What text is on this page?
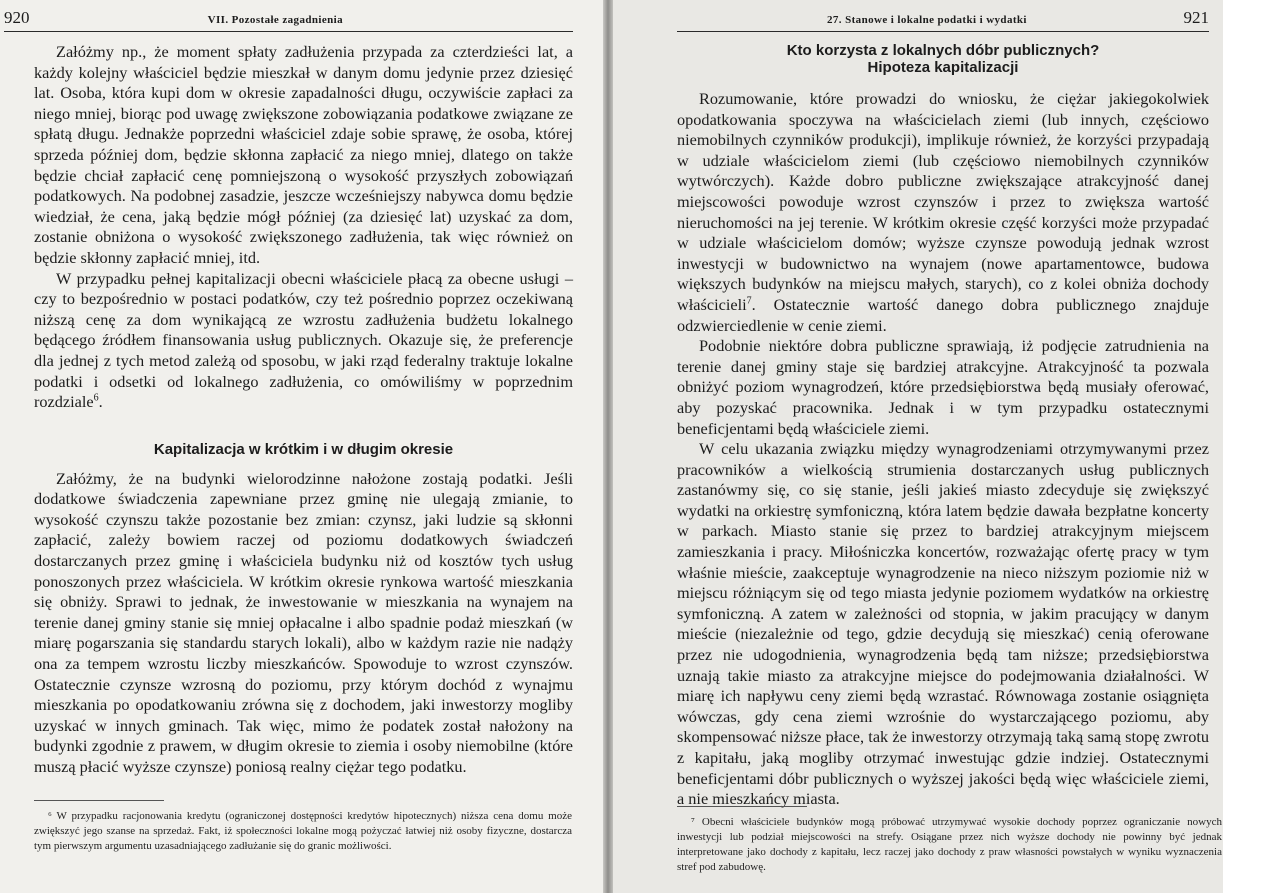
920	VII. Pozostałe zagadnienia

Załóżmy np., że moment spłaty zadłużenia przypada za czterdzieści lat, a każdy kolejny właściciel będzie mieszkał w danym domu jedynie przez dziesięć lat. Osoba, która kupi dom w okresie zapadalności długu, oczywiście zapłaci za niego mniej, biorąc pod uwagę zwiększone zobowiązania podatkowe związane ze spłatą długu. Jednakże poprzedni właściciel zdaje sobie sprawę, że osoba, której sprzeda później dom, będzie skłonna zapłacić za niego mniej, dlatego on także będzie chciał zapłacić cenę pomniejszoną o wysokość przyszłych zobowiązań podatkowych. Na podobnej zasadzie, jeszcze wcześniejszy nabywca domu będzie wiedział, że cena, jaką będzie mógł później (za dziesięć lat) uzyskać za dom, zostanie obniżona o wysokość zwiększonego zadłużenia, tak więc również on będzie skłonny zapłacić mniej, itd.

W przypadku pełnej kapitalizacji obecni właściciele płacą za obecne usługi – czy to bezpośrednio w postaci podatków, czy też pośrednio poprzez oczekiwaną niższą cenę za dom wynikającą ze wzrostu zadłużenia budżetu lokalnego będącego źródłem finansowania usług publicznych. Okazuje się, że preferencje dla jednej z tych metod zależą od sposobu, w jaki rząd federalny traktuje lokalne podatki i odsetki od lokalnego zadłużenia, co omówiliśmy w poprzednim rozdziale$^6$.

Kapitalizacja w krótkim i w długim okresie

Załóżmy, że na budynki wielorodzinne nałożone zostają podatki. Jeśli dodatkowe świadczenia zapewniane przez gminę nie ulegają zmianie, to wysokość czynszu także pozostanie bez zmian: czynsz, jaki ludzie są skłonni zapłacić, zależy bowiem raczej od poziomu dodatkowych świadczeń dostarczanych przez gminę i właściciela budynku niż od kosztów tych usług ponoszonych przez właściciela. W krótkim okresie rynkowa wartość mieszkania się obniży. Sprawi to jednak, że inwestowanie w mieszkania na wynajem na terenie danej gminy stanie się mniej opłacalne i albo spadnie podaż mieszkań (w miarę pogarszania się standardu starych lokali), albo w każdym razie nie nadąży ona za tempem wzrostu liczby mieszkańców. Spowoduje to wzrost czynszów. Ostatecznie czynsze wzrosną do poziomu, przy którym dochód z wynajmu mieszkania po opodatkowaniu zrówna się z dochodem, jaki inwestorzy mogliby uzyskać w innych gminach. Tak więc, mimo że podatek został nałożony na budynki zgodnie z prawem, w długim okresie to ziemia i osoby niemobilne (które muszą płacić wyższe czynsze) poniosą realny ciężar tego podatku.

⁶ W przypadku racjonowania kredytu (ograniczonej dostępności kredytów hipotecznych) niższa cena domu może zwiększyć jego szanse na sprzedaż. Fakt, iż społeczności lokalne mogą pożyczać łatwiej niż osoby fizyczne, dostarcza tym pierwszym argumentu uzasadniającego zadłużanie się do granic możliwości.

27. Stanowe i lokalne podatki i wydatki	921
Kto korzysta z lokalnych dóbr publicznych?
Hipoteza kapitalizacji

Rozumowanie, które prowadzi do wniosku, że ciężar jakiegokolwiek opodatkowania spoczywa na właścicielach ziemi (lub innych, częściowo niemobilnych czynników produkcji), implikuje również, że korzyści przypadają w udziale właścicielom ziemi (lub częściowo niemobilnych czynników wytwórczych). Każde dobro publiczne zwiększające atrakcyjność danej miejscowości powoduje wzrost czynszów i przez to zwiększa wartość nieruchomości na jej terenie. W krótkim okresie część korzyści może przypadać w udziale właścicielom domów; wyższe czynsze powodują jednak wzrost inwestycji w budownictwo na wynajem (nowe apartamentowce, budowa większych budynków na miejscu małych, starych), co z kolei obniża dochody właścicieli$^7$. Ostatecznie wartość danego dobra publicznego znajduje odzwierciedlenie w cenie ziemi.

Podobnie niektóre dobra publiczne sprawiają, iż podjęcie zatrudnienia na terenie danej gminy staje się bardziej atrakcyjne. Atrakcyjność ta pozwala obniżyć poziom wynagrodzeń, które przedsiębiorstwa będą musiały oferować, aby pozyskać pracownika. Jednak i w tym przypadku ostatecznymi beneficjentami będą właściciele ziemi.

W celu ukazania związku między wynagrodzeniami otrzymywanymi przez pracowników a wielkością strumienia dostarczanych usług publicznych zastanówmy się, co się stanie, jeśli jakieś miasto zdecyduje się zwiększyć wydatki na orkiestrę symfoniczną, która latem będzie dawała bezpłatne koncerty w parkach. Miasto stanie się przez to bardziej atrakcyjnym miejscem zamieszkania i pracy. Miłośniczka koncertów, rozważając ofertę pracy w tym właśnie mieście, zaakceptuje wynagrodzenie na nieco niższym poziomie niż w miejscu różniącym się od tego miasta jedynie poziomem wydatków na orkiestrę symfoniczną. A zatem w zależności od stopnia, w jakim pracujący w danym mieście (niezależnie od tego, gdzie decydują się mieszkać) cenią oferowane przez nie udogodnienia, wynagrodzenia będą tam niższe; przedsiębiorstwa uznają takie miasto za atrakcyjne miejsce do podejmowania działalności. W miarę ich napływu ceny ziemi będą wzrastać. Równowaga zostanie osiągnięta wówczas, gdy cena ziemi wzrośnie do wystarczającego poziomu, aby skompensować niższe płace, tak że inwestorzy otrzymają taką samą stopę zwrotu z kapitału, jaką mogliby otrzymać inwestując gdzie indziej. Ostatecznymi beneficjentami dóbr publicznych o wyższej jakości będą więc właściciele ziemi, a nie mieszkańcy miasta.

⁷ Obecni właściciele budynków mogą próbować utrzymywać wysokie dochody poprzez ograniczanie nowych inwestycji lub podział miejscowości na strefy. Osiągane przez nich wyższe dochody nie powinny być jednak interpretowane jako dochody z kapitału, lecz raczej jako dochody z praw własności powstałych w wyniku wyznaczenia stref pod zabudowę.
